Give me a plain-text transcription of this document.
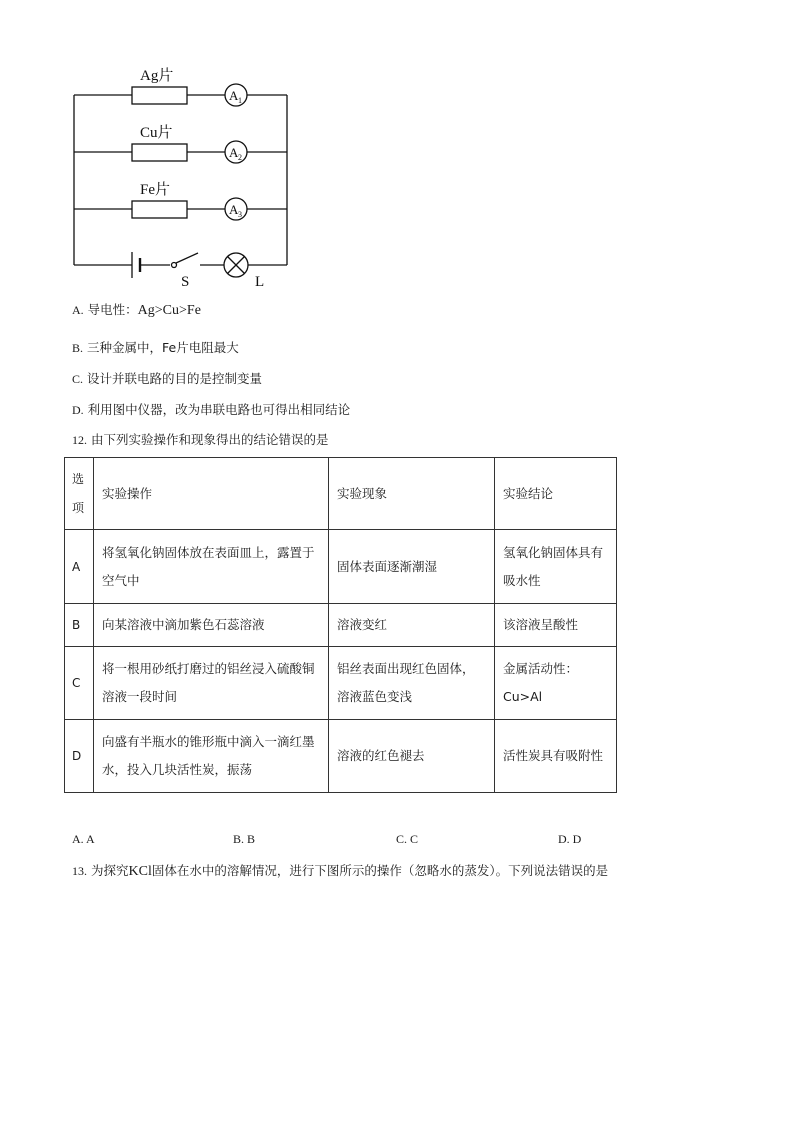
Ag片
Cu片
Fe片
A 1
A 2
A 3
S	L
A. 导电性：Ag>Cu>Fe
B. 三种金属中，Fe片电阻最大
C. 设计并联电路的目的是控制变量
D. 利用图中仪器，改为串联电路也可得出相同结论
12. 由下列实验操作和现象得出的结论错误的是
选项	实验操作	实验现象	实验结论
A	将氢氧化钠固体放在表面皿上，露置于空气中	固体表面逐渐潮湿	氢氧化钠固体具有吸水性
B	向某溶液中滴加紫色石蕊溶液	溶液变红	该溶液呈酸性
C	将一根用砂纸打磨过的铝丝浸入硫酸铜溶液一段时间	铝丝表面出现红色固体，溶液蓝色变浅	金属活动性：Cu>Al
D	向盛有半瓶水的锥形瓶中滴入一滴红墨水，投入几块活性炭，振荡	溶液的红色褪去	活性炭具有吸附性
A. A	B. B	C. C	D. D
13. 为探究KCl固体在水中的溶解情况，进行下图所示的操作（忽略水的蒸发）。下列说法错误的是
